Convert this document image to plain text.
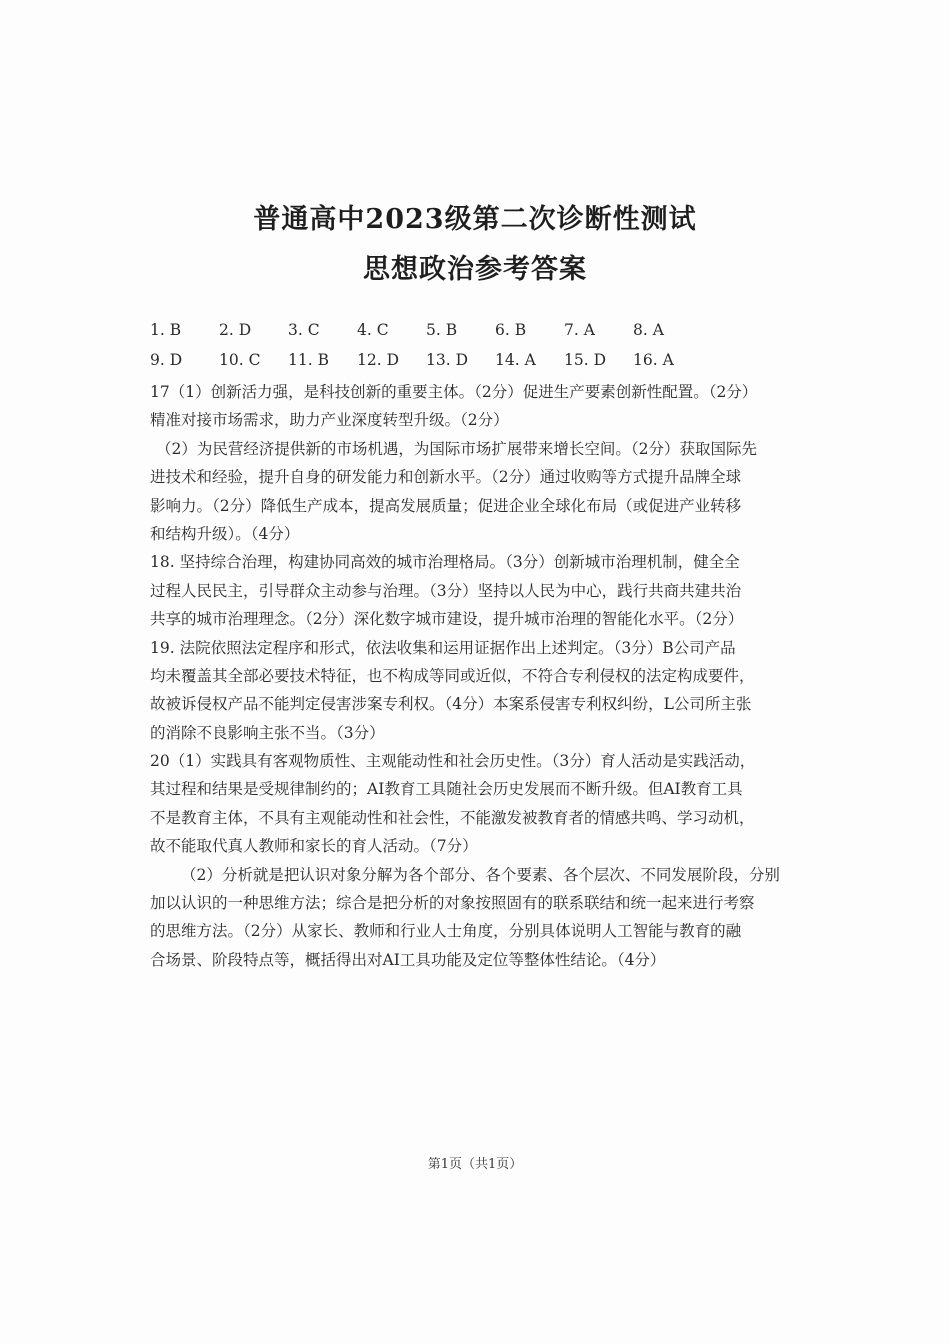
普通高中2023级第二次诊断性测试
思想政治参考答案
1. B 2. D 3. C 4. C 5. B 6. B 7. A 8. A
9. D 10. C 11. B 12. D 13. D 14. A 15. D 16. A
17（1）创新活力强，是科技创新的重要主体。（2分）促进生产要素创新性配置。（2分）
精准对接市场需求，助力产业深度转型升级。（2分）
（2）为民营经济提供新的市场机遇，为国际市场扩展带来增长空间。（2分）获取国际先
进技术和经验，提升自身的研发能力和创新水平。（2分）通过收购等方式提升品牌全球
影响力。（2分）降低生产成本，提高发展质量；促进企业全球化布局（或促进产业转移
和结构升级）。（4分）
18. 坚持综合治理，构建协同高效的城市治理格局。（3分）创新城市治理机制，健全全
过程人民民主，引导群众主动参与治理。（3分）坚持以人民为中心，践行共商共建共治
共享的城市治理理念。（2分）深化数字城市建设，提升城市治理的智能化水平。（2分）
19. 法院依照法定程序和形式，依法收集和运用证据作出上述判定。（3分）B公司产品
均未覆盖其全部必要技术特征，也不构成等同或近似，不符合专利侵权的法定构成要件，
故被诉侵权产品不能判定侵害涉案专利权。（4分）本案系侵害专利权纠纷，L公司所主张
的消除不良影响主张不当。（3分）
20（1）实践具有客观物质性、主观能动性和社会历史性。（3分）育人活动是实践活动，
其过程和结果是受规律制约的；AI教育工具随社会历史发展而不断升级。但AI教育工具
不是教育主体，不具有主观能动性和社会性，不能激发被教育者的情感共鸣、学习动机，
故不能取代真人教师和家长的育人活动。（7分）
（2）分析就是把认识对象分解为各个部分、各个要素、各个层次、不同发展阶段，分别
加以认识的一种思维方法；综合是把分析的对象按照固有的联系联结和统一起来进行考察
的思维方法。（2分）从家长、教师和行业人士角度，分别具体说明人工智能与教育的融
合场景、阶段特点等，概括得出对AI工具功能及定位等整体性结论。（4分）
第1页（共1页）
